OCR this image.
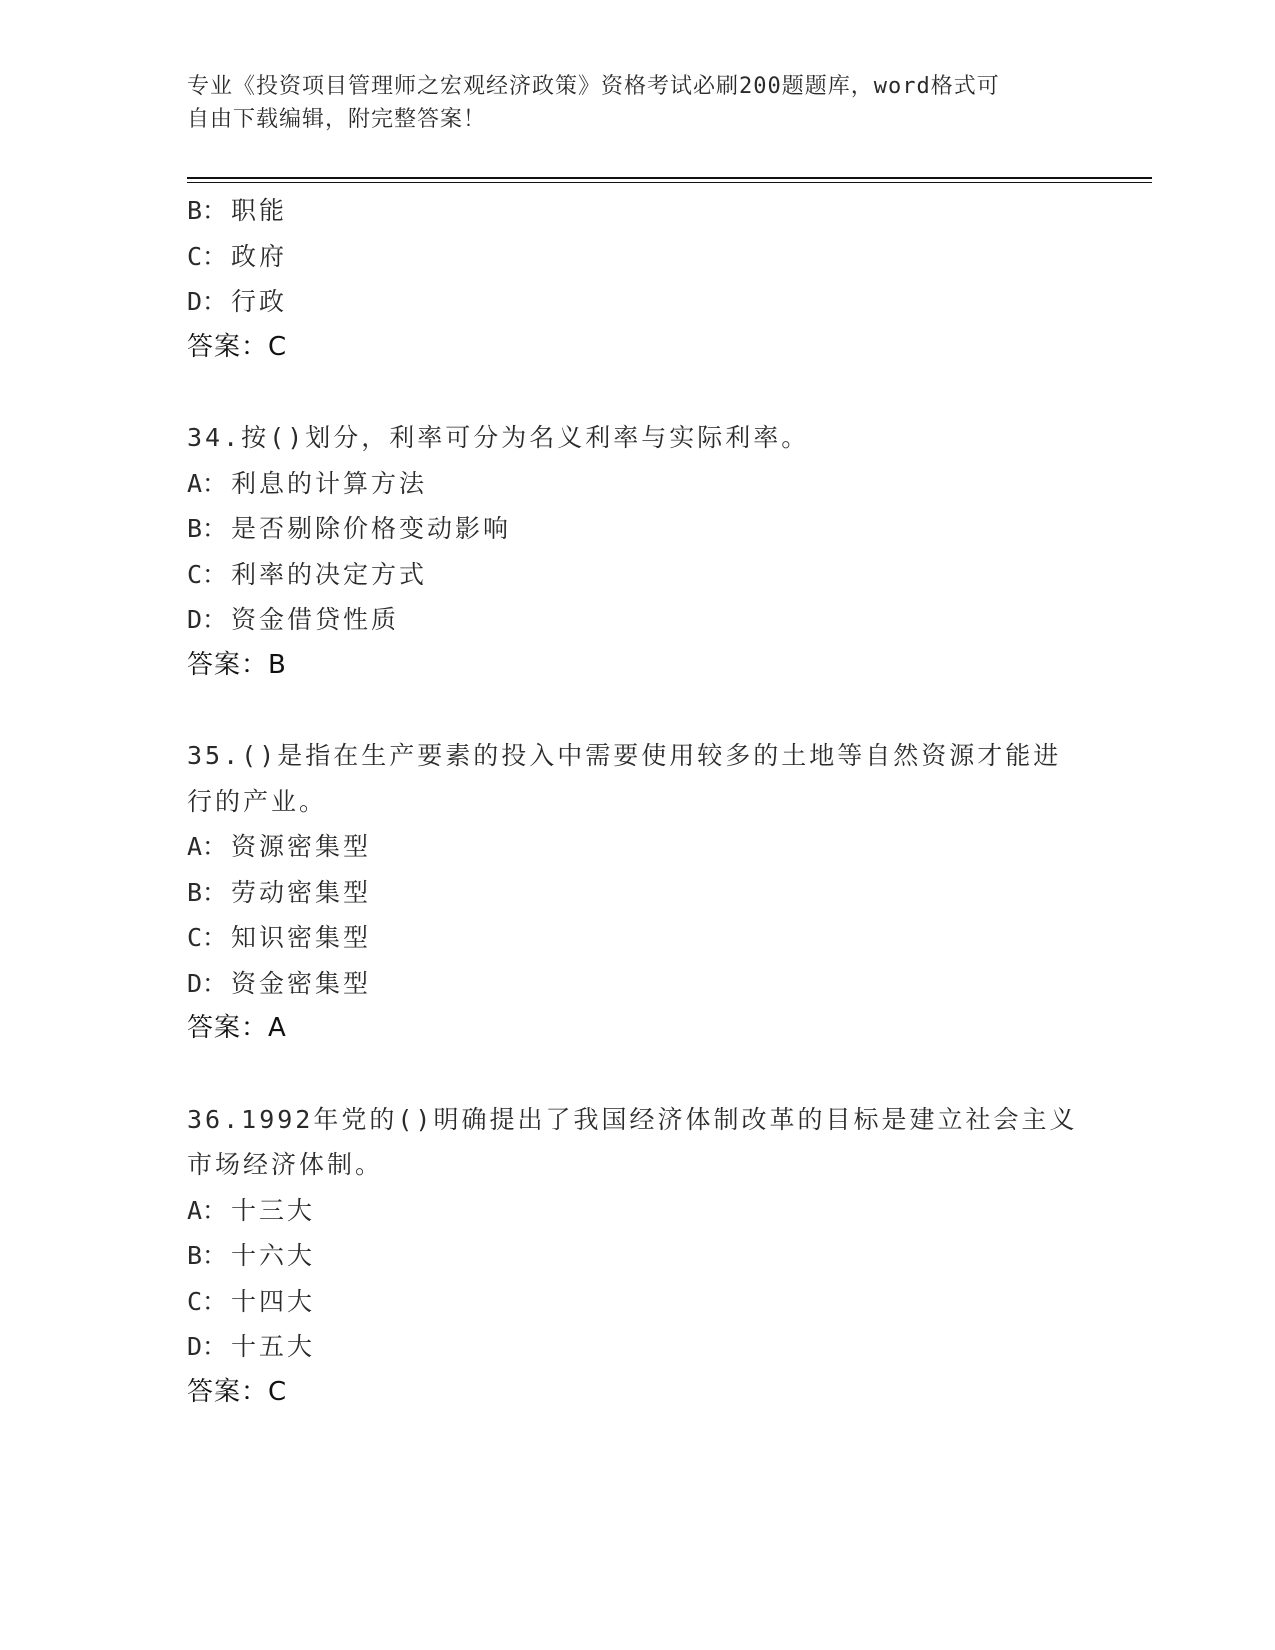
专业《投资项目管理师之宏观经济政策》资格考试必刷200题题库，word格式可
自由下载编辑，附完整答案！
B： 职能
C： 政府
D： 行政
答案：C
34.按()划分，利率可分为名义利率与实际利率。
A： 利息的计算方法
B： 是否剔除价格变动影响
C： 利率的决定方式
D： 资金借贷性质
答案：B
35.()是指在生产要素的投入中需要使用较多的土地等自然资源才能进
行的产业。
A： 资源密集型
B： 劳动密集型
C： 知识密集型
D： 资金密集型
答案：A
36.1992年党的()明确提出了我国经济体制改革的目标是建立社会主义
市场经济体制。
A： 十三大
B： 十六大
C： 十四大
D： 十五大
答案：C
